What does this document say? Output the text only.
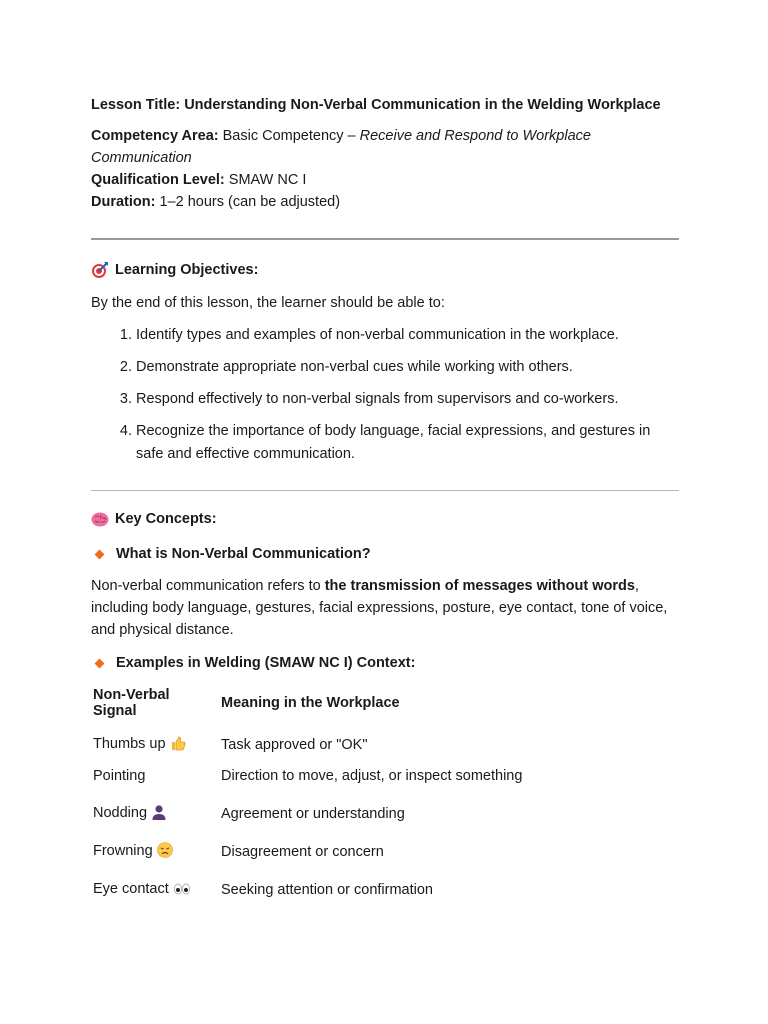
Lesson Title: Understanding Non-Verbal Communication in the Welding Workplace

Competency Area: Basic Competency – Receive and Respond to Workplace Communication

Qualification Level: SMAW NC I

Duration: 1–2 hours (can be adjusted)

Learning Objectives:

By the end of this lesson, the learner should be able to:

1. Identify types and examples of non-verbal communication in the workplace.
2. Demonstrate appropriate non-verbal cues while working with others.
3. Respond effectively to non-verbal signals from supervisors and co-workers.
4. Recognize the importance of body language, facial expressions, and gestures in safe and effective communication.
Key Concepts:
What is Non-Verbal Communication?

Non-verbal communication refers to the transmission of messages without words, including body language, gestures, facial expressions, posture, eye contact, tone of voice, and physical distance.

Examples in Welding (SMAW NC I) Context:
Non-Verbal Signal	Meaning in the Workplace
Thumbs up	Task approved or "OK"
Pointing	Direction to move, adjust, or inspect something
Nodding	Agreement or understanding
Frowning	Disagreement or concern
Eye contact	Seeking attention or confirmation
